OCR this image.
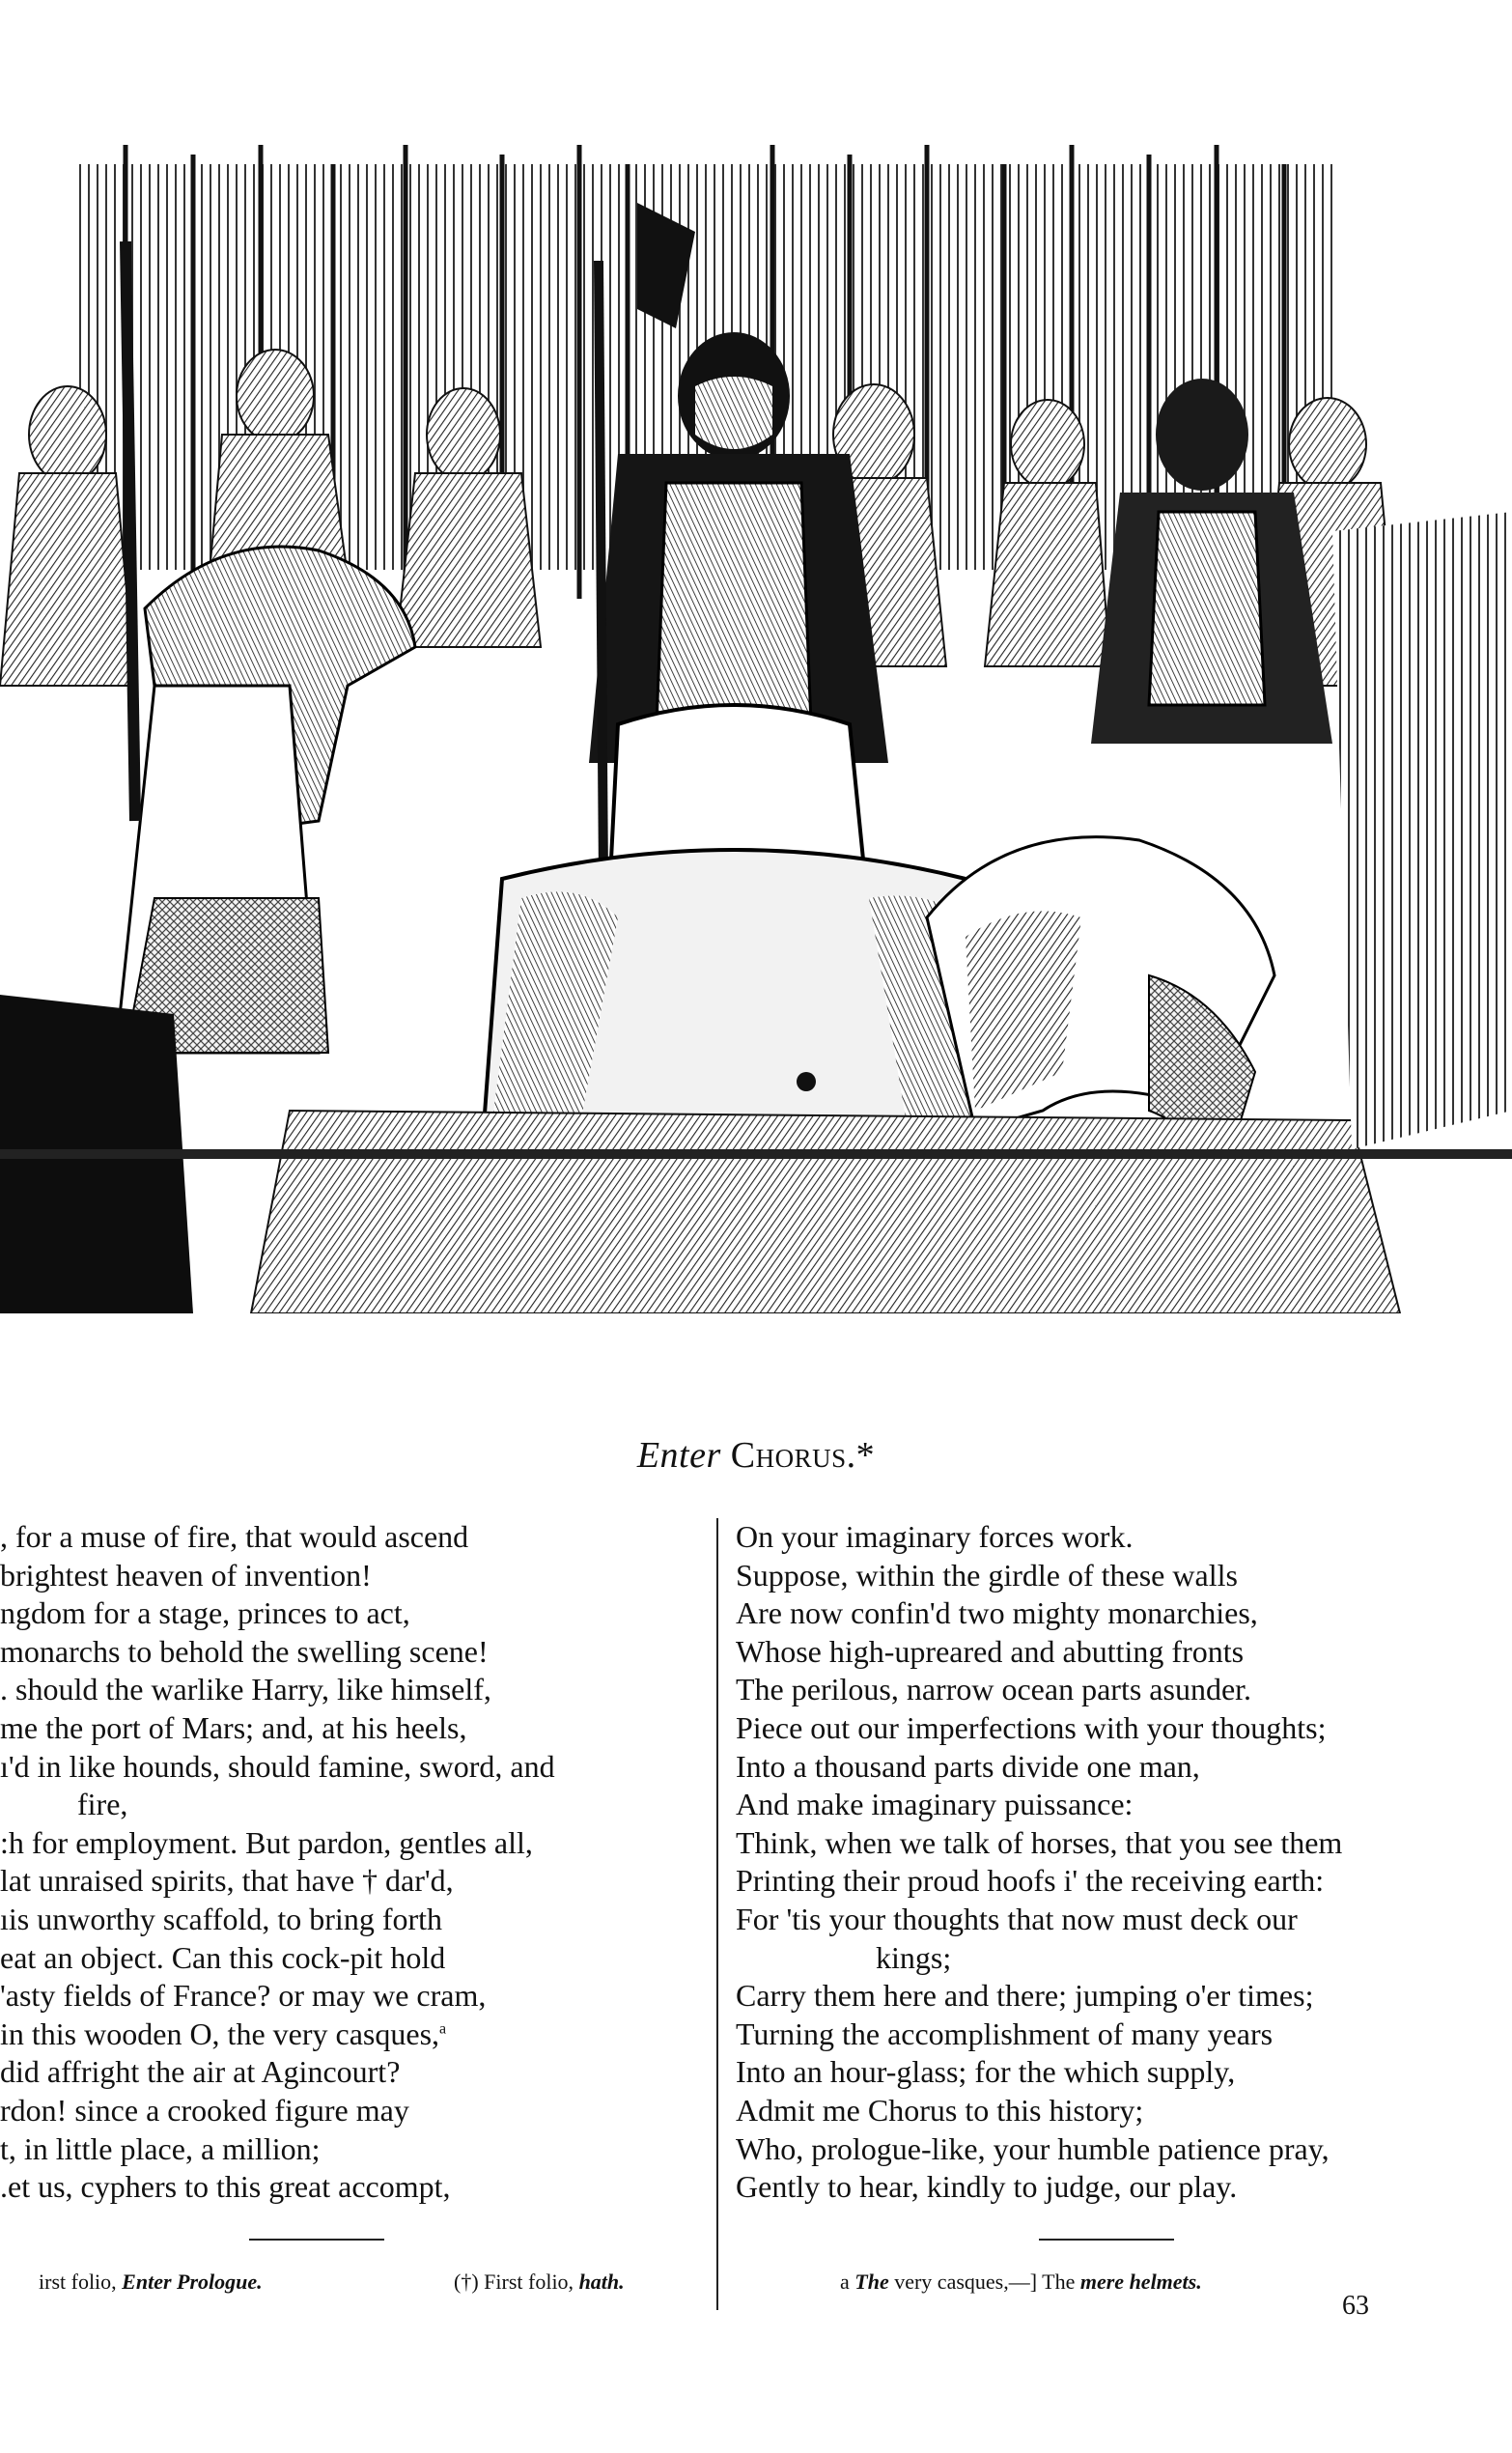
Enter Chorus.*
, for a muse of fire, that would ascend
brightest heaven of invention!
ngdom for a stage, princes to act,
monarchs to behold the swelling scene!
. should the warlike Harry, like himself,
me the port of Mars; and, at his heels,
ı'd in like hounds, should famine, sword, and
fire,
:h for employment. But pardon, gentles all,
lat unraised spirits, that have † dar'd,
ıis unworthy scaffold, to bring forth
eat an object. Can this cock-pit hold
'asty fields of France? or may we cram,
in this wooden O, the very casques,$^a$
did affright the air at Agincourt?
rdon! since a crooked figure may
t, in little place, a million;
.et us, cyphers to this great accompt,
On your imaginary forces work.
Suppose, within the girdle of these walls
Are now confin'd two mighty monarchies,
Whose high-upreared and abutting fronts
The perilous, narrow ocean parts asunder.
Piece out our imperfections with your thoughts;
Into a thousand parts divide one man,
And make imaginary puissance:
Think, when we talk of horses, that you see them
Printing their proud hoofs i' the receiving earth:
For 'tis your thoughts that now must deck our
kings;
Carry them here and there; jumping o'er times;
Turning the accomplishment of many years
Into an hour-glass; for the which supply,
Admit me Chorus to this history;
Who, prologue-like, your humble patience pray,
Gently to hear, kindly to judge, our play.
irst folio, Enter Prologue.	(†) First folio, hath.	a The very casques,—] The mere helmets.
63
